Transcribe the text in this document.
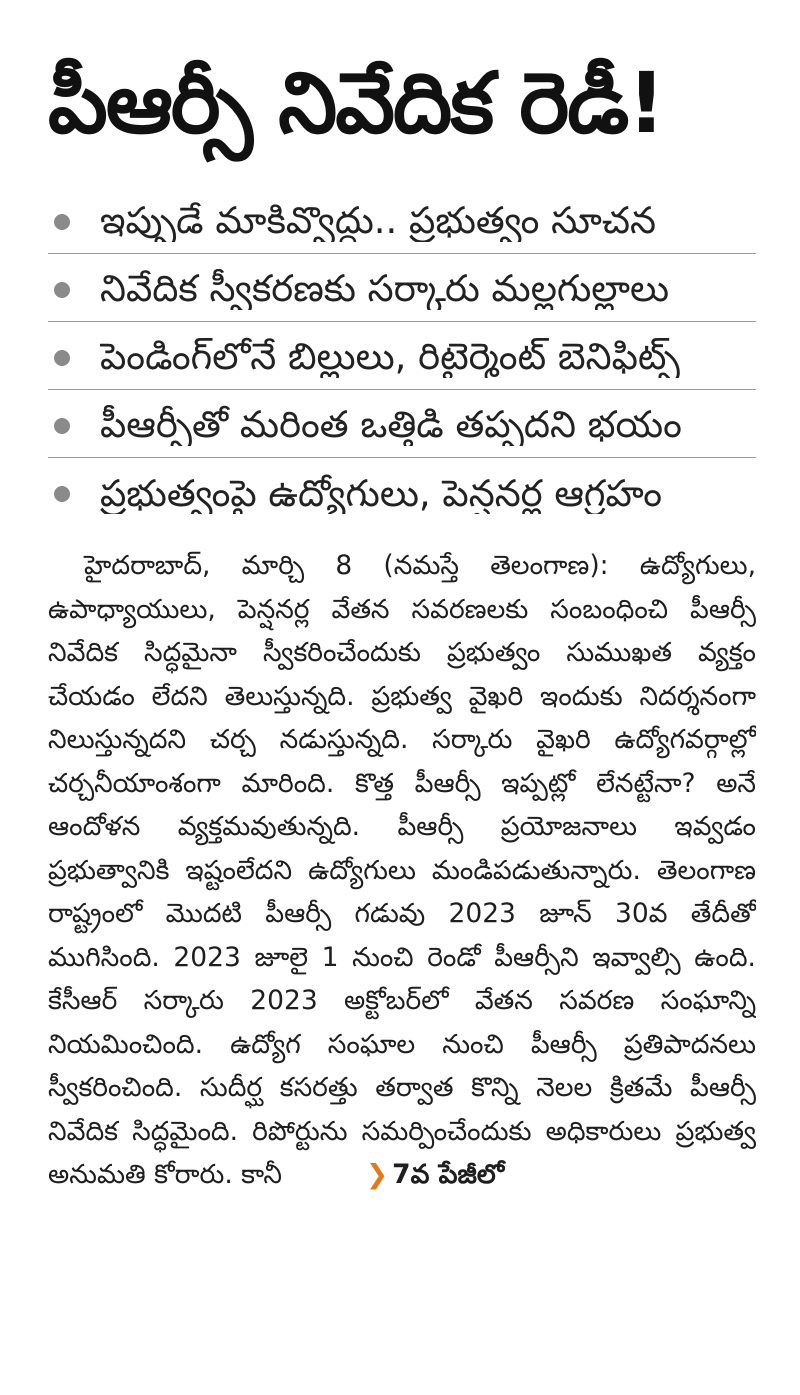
పీఆర్సీ నివేదిక రెడీ!
ఇప్పుడే మాకివ్వొద్దు.. ప్రభుత్వం సూచన
నివేదిక స్వీకరణకు సర్కారు మల్లగుల్లాలు
పెండింగ్‌లోనే బిల్లులు, రిటైర్మెంట్ బెనిఫిట్స్
పీఆర్సీతో మరింత ఒత్తిడి తప్పదని భయం
ప్రభుత్వంపై ఉద్యోగులు, పెన్షనర్ల ఆగ్రహం

హైదరాబాద్, మార్చి 8 (నమస్తే తెలంగాణ): ఉద్యోగులు, ఉపాధ్యాయులు, పెన్షనర్ల వేతన సవరణలకు సంబంధించి పీఆర్సీ నివేదిక సిద్ధమైనా స్వీకరించేందుకు ప్రభుత్వం సుముఖత వ్యక్తం చేయడం లేదని తెలుస్తున్నది. ప్రభుత్వ వైఖరి ఇందుకు నిదర్శనంగా నిలుస్తున్నదని చర్చ నడుస్తున్నది. సర్కారు వైఖరి ఉద్యోగవర్గాల్లో చర్చనీయాంశంగా మారింది. కొత్త పీఆర్సీ ఇప్పట్లో లేనట్టేనా? అనే ఆందోళన వ్యక్తమవుతున్నది. పీఆర్సీ ప్రయోజనాలు ఇవ్వడం ప్రభుత్వానికి ఇష్టంలేదని ఉద్యోగులు మండిపడుతున్నారు. తెలంగాణ రాష్ట్రంలో మొదటి పీఆర్సీ గడువు 2023 జూన్ 30వ తేదీతో ముగిసింది. 2023 జూలై 1 నుంచి రెండో పీఆర్సీని ఇవ్వాల్సి ఉంది. కేసీఆర్ సర్కారు 2023 అక్టోబర్‌లో వేతన సవరణ సంఘాన్ని నియమించింది. ఉద్యోగ సంఘాల నుంచి పీఆర్సీ ప్రతిపాదనలు స్వీకరించింది. సుదీర్ఘ కసరత్తు తర్వాత కొన్ని నెలల క్రితమే పీఆర్సీ నివేదిక సిద్ధమైంది. రిపోర్టును సమర్పించేందుకు అధికారులు ప్రభుత్వ అనుమతి కోరారు. కానీ	❯ 7వ పేజీలో
